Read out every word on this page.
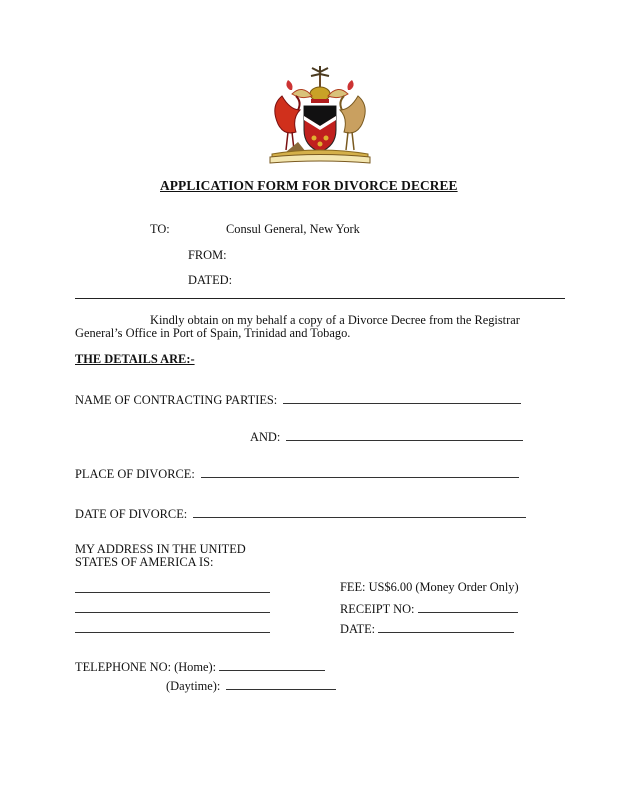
APPLICATION FORM FOR DIVORCE DECREE
TO:	Consul General, New York
FROM:
DATED:
Kindly obtain on my behalf a copy of a Divorce Decree from the Registrar
General’s Office in Port of Spain, Trinidad and Tobago.
THE DETAILS ARE:-
NAME OF CONTRACTING PARTIES:
AND:
PLACE OF DIVORCE:
DATE OF DIVORCE:
MY ADDRESS IN THE UNITED
STATES OF AMERICA IS:
FEE: US$6.00 (Money Order Only)
RECEIPT NO:
DATE:
TELEPHONE NO: (Home):
(Daytime):
